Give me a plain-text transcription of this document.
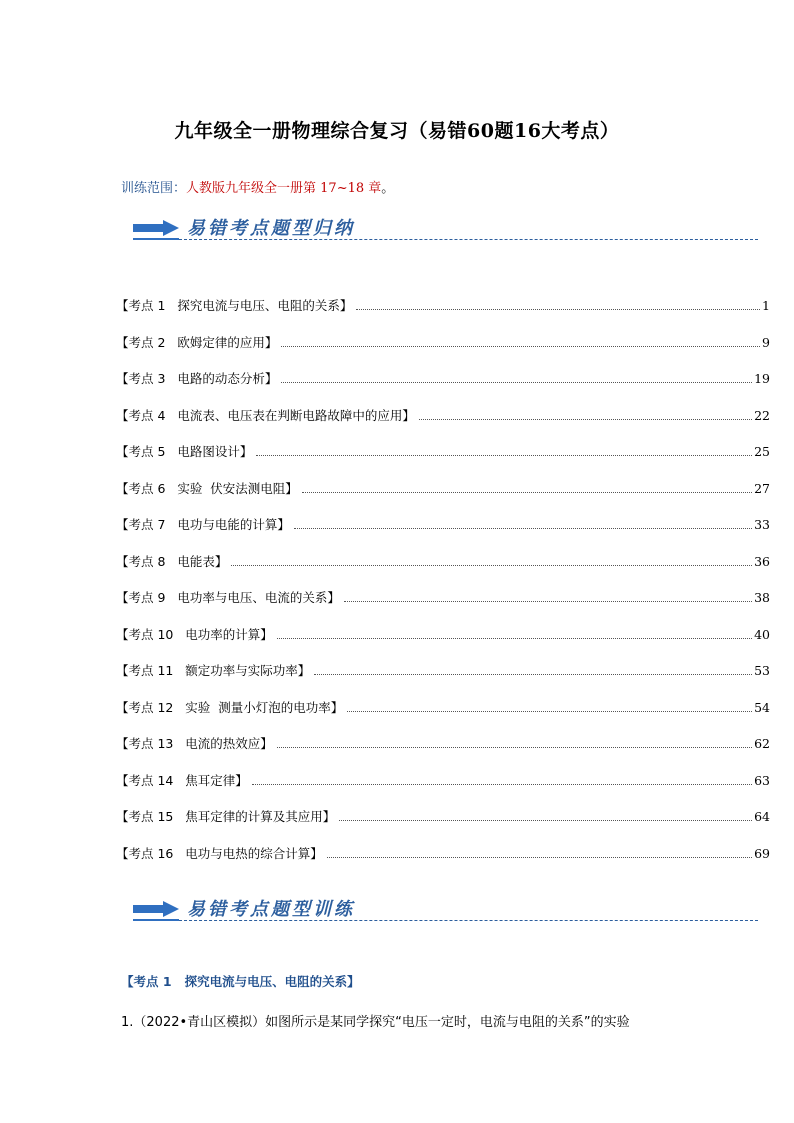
九年级全一册物理综合复习（易错60题16大考点）
训练范围：人教版九年级全一册第 17~18 章。
易错考点题型归纳
【考点 1   探究电流与电压、电阻的关系】	1
【考点 2   欧姆定律的应用】	9
【考点 3   电路的动态分析】	19
【考点 4   电流表、电压表在判断电路故障中的应用】	22
【考点 5   电路图设计】	25
【考点 6   实验  伏安法测电阻】	27
【考点 7   电功与电能的计算】	33
【考点 8   电能表】	36
【考点 9   电功率与电压、电流的关系】	38
【考点 10   电功率的计算】	40
【考点 11   额定功率与实际功率】	53
【考点 12   实验  测量小灯泡的电功率】	54
【考点 13   电流的热效应】	62
【考点 14   焦耳定律】	63
【考点 15   焦耳定律的计算及其应用】	64
【考点 16   电功与电热的综合计算】	69
易错考点题型训练
【考点 1   探究电流与电压、电阻的关系】
1.（2022•青山区模拟）如图所示是某同学探究“电压一定时，电流与电阻的关系”的实验
